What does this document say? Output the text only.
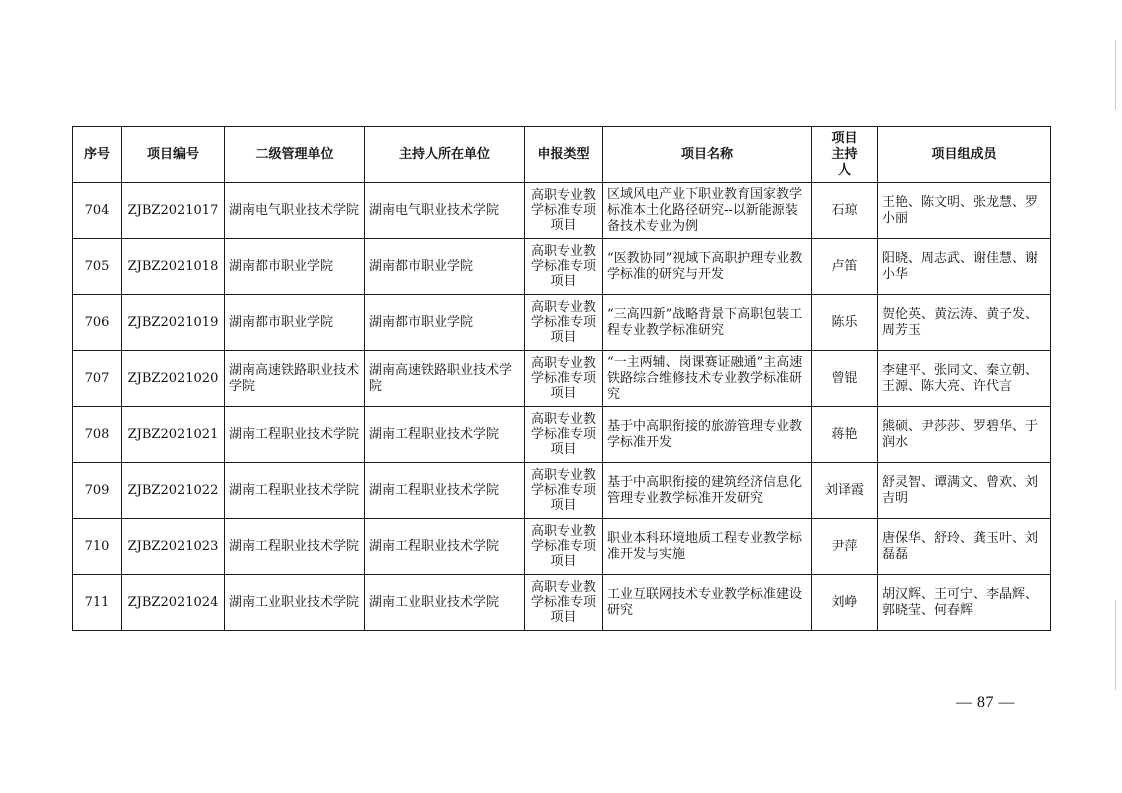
序号	项目编号	二级管理单位	主持人所在单位	申报类型	项目名称	项目主持人	项目组成员
704	ZJBZ2021017	湖南电气职业技术学院	湖南电气职业技术学院	高职专业教学标准专项项目	区域风电产业下职业教育国家教学标准本土化路径研究--以新能源装备技术专业为例	石琼	王艳、陈文明、张龙慧、罗小丽
705	ZJBZ2021018	湖南都市职业学院	湖南都市职业学院	高职专业教学标准专项项目	“医教协同”视域下高职护理专业教学标准的研究与开发	卢笛	阳晓、周志武、谢佳慧、谢小华
706	ZJBZ2021019	湖南都市职业学院	湖南都市职业学院	高职专业教学标准专项项目	“三高四新”战略背景下高职包装工程专业教学标准研究	陈乐	贺伦英、黄沄涛、黄子发、周芳玉
707	ZJBZ2021020	湖南高速铁路职业技术学院	湖南高速铁路职业技术学院	高职专业教学标准专项项目	“一主两辅、岗课赛证融通”主高速铁路综合维修技术专业教学标准研究	曾锟	李建平、张同文、秦立朝、王源、陈大亮、许代言
708	ZJBZ2021021	湖南工程职业技术学院	湖南工程职业技术学院	高职专业教学标准专项项目	基于中高职衔接的旅游管理专业教学标准开发	蒋艳	熊硕、尹莎莎、罗碧华、于润水
709	ZJBZ2021022	湖南工程职业技术学院	湖南工程职业技术学院	高职专业教学标准专项项目	基于中高职衔接的建筑经济信息化管理专业教学标准开发研究	刘译霞	舒灵智、谭满文、曾欢、刘吉明
710	ZJBZ2021023	湖南工程职业技术学院	湖南工程职业技术学院	高职专业教学标准专项项目	职业本科环境地质工程专业教学标准开发与实施	尹萍	唐保华、舒玲、龚玉叶、刘磊磊
711	ZJBZ2021024	湖南工业职业技术学院	湖南工业职业技术学院	高职专业教学标准专项项目	工业互联网技术专业教学标准建设研究	刘峥	胡汉辉、王可宁、李晶辉、郭晓莹、何春辉
— 87 —
